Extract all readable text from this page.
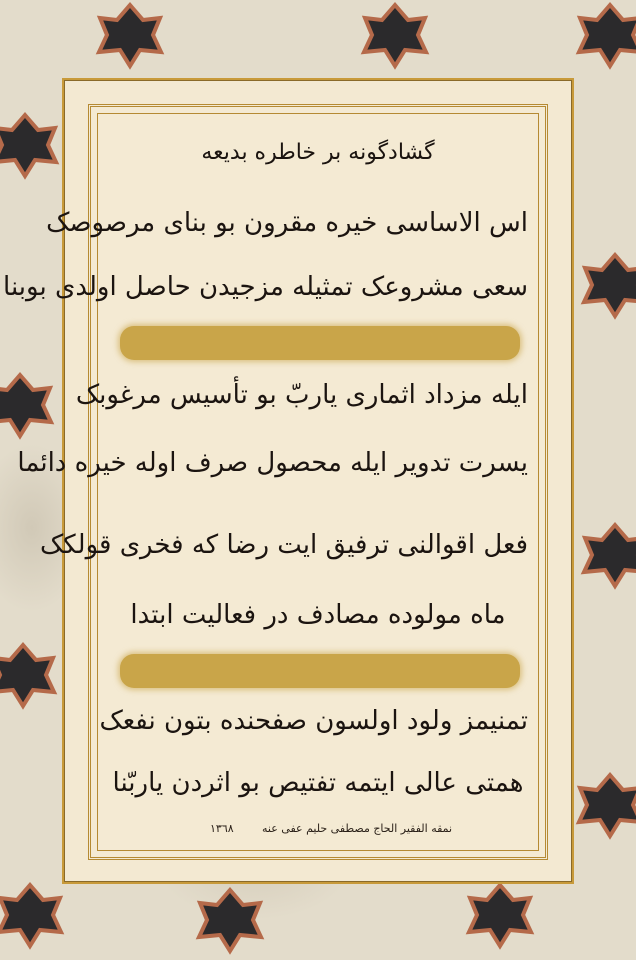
گشادگونه بر خاطره بدیعه
اس الاساسی خیره مقرون بو بنای مرصوصک
سعی مشروعک تمثیله مزجیدن حاصل اولدی بوبنا
ایله مزداد اثماری یاربّ بو تأسیس مرغوبک
یسرت تدویر ایله محصول صرف اوله خیره دائما
فعل اقوالنی ترفیق ایت رضا که فخری قولکک
ماه مولوده مصادف در فعالیت ابتدا
تمنیمز ولود اولسون صفحنده بتون نفعک
همتی عالی ایتمه تفتیص بو اثردن یاربّنا
نمقه الفقیر الحاج مصطفی حلیم عفی عنه
١٣٦٨
